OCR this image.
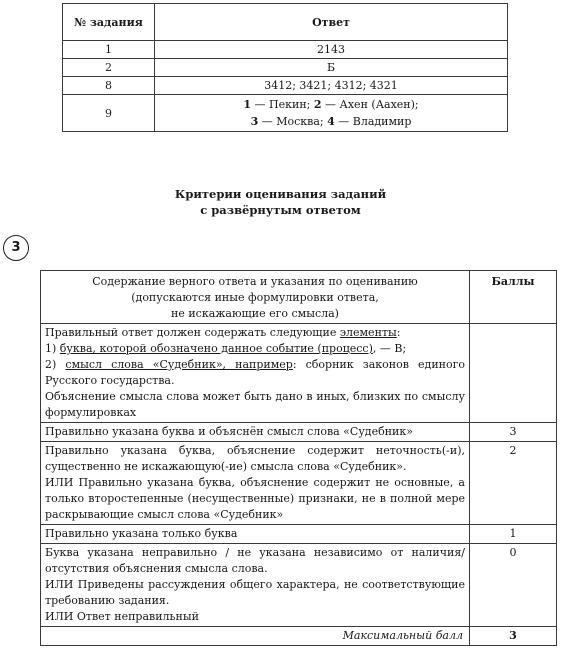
№ задания	Ответ
1	2143
2	Б
8	3412; 3421; 4312; 4321
9	1 — Пекин; 2 — Ахен (Аахен);
3 — Москва; 4 — Владимир
Критерии оценивания заданий
с развёрнутым ответом
3
Содержание верного ответа и указания по оцениванию
(допускаются иные формулировки ответа,
не искажающие его смысла)	Баллы

Правильный ответ должен содержать следующие элементы:
1) буква, которой обозначено данное событие (процесс), — В;
2) смысл слова «Судебник», например: сборник законов единого Русского государства.
Объяснение смысла слова может быть дано в иных, близких по смыслу формулировках	

Правильно указана буква и объяснён смысл слова «Судебник»	3

Правильно указана буква, объяснение содержит неточность(-и), существенно не искажающую(-ие) смысла слова «Судебник».
ИЛИ Правильно указана буква, объяснение содержит не основные, а только второстепенные (несущественные) признаки, не в полной мере раскрывающие смысл слова «Судебник»	2
Правильно указана только буква	1

Буква указана неправильно / не указана независимо от наличия/отсутствия объяснения смысла слова.
ИЛИ Приведены рассуждения общего характера, не соответствующие требованию задания.
ИЛИ Ответ неправильный	0
Максимальный балл	3
